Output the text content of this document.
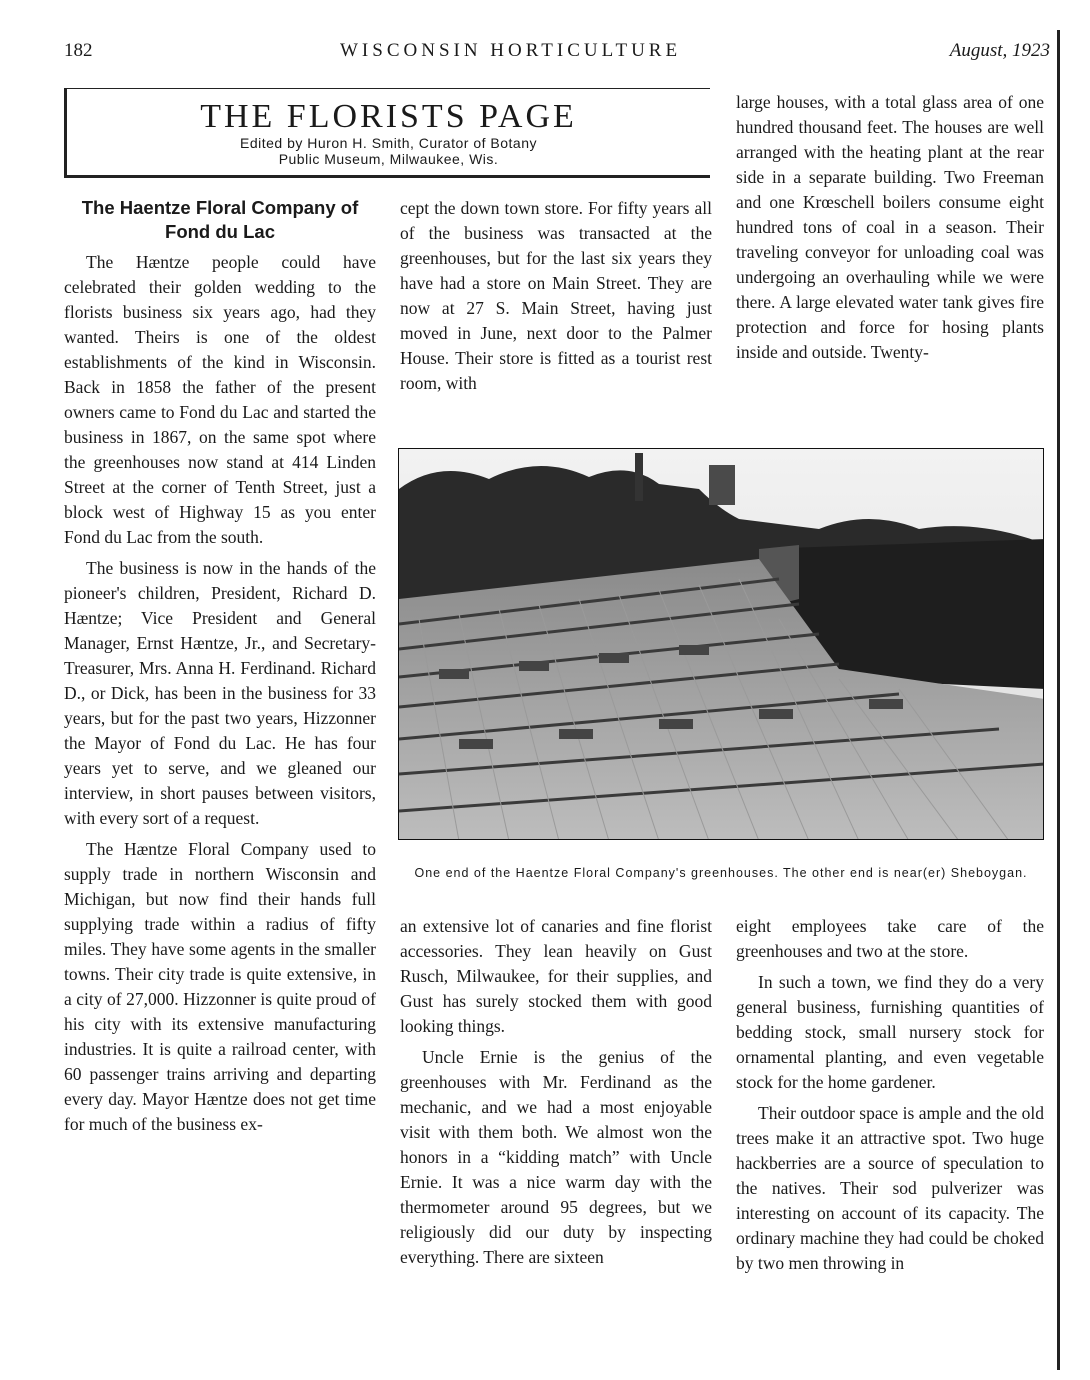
182	WISCONSIN HORTICULTURE	August, 1923
THE FLORISTS PAGE
Edited by Huron H. Smith, Curator of Botany
Public Museum, Milwaukee, Wis.
The Haentze Floral Company of Fond du Lac

The Hæntze people could have celebrated their golden wedding to the florists business six years ago, had they wanted. Theirs is one of the oldest establishments of the kind in Wisconsin. Back in 1858 the father of the present owners came to Fond du Lac and started the business in 1867, on the same spot where the greenhouses now stand at 414 Linden Street at the corner of Tenth Street, just a block west of Highway 15 as you enter Fond du Lac from the south.

The business is now in the hands of the pioneer's children, President, Richard D. Hæntze; Vice President and General Manager, Ernst Hæntze, Jr., and Secretary-Treasurer, Mrs. Anna H. Ferdinand. Richard D., or Dick, has been in the business for 33 years, but for the past two years, Hizzonner the Mayor of Fond du Lac. He has four years yet to serve, and we gleaned our interview, in short pauses between visitors, with every sort of a request.

The Hæntze Floral Company used to supply trade in northern Wisconsin and Michigan, but now find their hands full supplying trade within a radius of fifty miles. They have some agents in the smaller towns. Their city trade is quite extensive, in a city of 27,000. Hizzonner is quite proud of his city with its extensive manufacturing industries. It is quite a railroad center, with 60 passenger trains arriving and departing every day. Mayor Hæntze does not get time for much of the business ex-

cept the down town store. For fifty years all of the business was transacted at the greenhouses, but for the last six years they have had a store on Main Street. They are now at 27 S. Main Street, having just moved in June, next door to the Palmer House. Their store is fitted as a tourist rest room, with

large houses, with a total glass area of one hundred thousand feet. The houses are well arranged with the heating plant at the rear side in a separate building. Two Freeman and one Krœschell boilers consume eight hundred tons of coal in a season. Their traveling conveyor for unloading coal was undergoing an overhauling while we were there. A large elevated water tank gives fire protection and force for hosing plants inside and outside. Twenty-

One end of the Haentze Floral Company's greenhouses. The other end is near(er) Sheboygan.

an extensive lot of canaries and fine florist accessories. They lean heavily on Gust Rusch, Milwaukee, for their supplies, and Gust has surely stocked them with good looking things.

Uncle Ernie is the genius of the greenhouses with Mr. Ferdinand as the mechanic, and we had a most enjoyable visit with them both. We almost won the honors in a “kidding match” with Uncle Ernie. It was a nice warm day with the thermometer around 95 degrees, but we religiously did our duty by inspecting everything. There are sixteen

eight employees take care of the greenhouses and two at the store.

In such a town, we find they do a very general business, furnishing quantities of bedding stock, small nursery stock for ornamental planting, and even vegetable stock for the home gardener.

Their outdoor space is ample and the old trees make it an attractive spot. Two huge hackberries are a source of speculation to the natives. Their sod pulverizer was interesting on account of its capacity. The ordinary machine they had could be choked by two men throwing in
